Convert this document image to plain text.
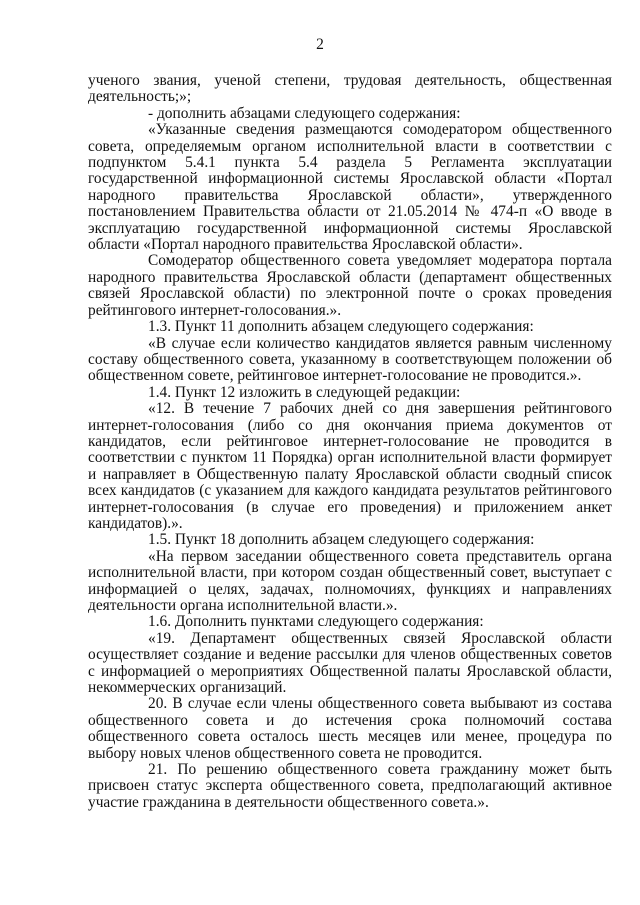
2

ученого звания, ученой степени, трудовая деятельность, общественная деятельность;»;

- дополнить абзацами следующего содержания:

«Указанные сведения размещаются сомодератором общественного совета, определяемым органом исполнительной власти в соответствии с подпунктом 5.4.1 пункта 5.4 раздела 5 Регламента эксплуатации государственной информационной системы Ярославской области «Портал народного правительства Ярославской области», утвержденного постановлением Правительства области от 21.05.2014 № 474-п «О вводе в эксплуатацию государственной информационной системы Ярославской области «Портал народного правительства Ярославской области».

Сомодератор общественного совета уведомляет модератора портала народного правительства Ярославской области (департамент общественных связей Ярославской области) по электронной почте о сроках проведения рейтингового интернет-голосования.».

1.3. Пункт 11 дополнить абзацем следующего содержания:

«В случае если количество кандидатов является равным численному составу общественного совета, указанному в соответствующем положении об общественном совете, рейтинговое интернет-голосование не проводится.».

1.4. Пункт 12 изложить в следующей редакции:

«12. В течение 7 рабочих дней со дня завершения рейтингового интернет-голосования (либо со дня окончания приема документов от кандидатов, если рейтинговое интернет-голосование не проводится в соответствии с пунктом 11 Порядка) орган исполнительной власти формирует и направляет в Общественную палату Ярославской области сводный список всех кандидатов (с указанием для каждого кандидата результатов рейтингового интернет-голосования (в случае его проведения) и приложением анкет кандидатов).».

1.5. Пункт 18 дополнить абзацем следующего содержания:

«На первом заседании общественного совета представитель органа исполнительной власти, при котором создан общественный совет, выступает с информацией о целях, задачах, полномочиях, функциях и направлениях деятельности органа исполнительной власти.».

1.6. Дополнить пунктами следующего содержания:

«19. Департамент общественных связей Ярославской области осуществляет создание и ведение рассылки для членов общественных советов с информацией о мероприятиях Общественной палаты Ярославской области, некоммерческих организаций.

20. В случае если члены общественного совета выбывают из состава общественного совета и до истечения срока полномочий состава общественного совета осталось шесть месяцев или менее, процедура по выбору новых членов общественного совета не проводится.

21. По решению общественного совета гражданину может быть присвоен статус эксперта общественного совета, предполагающий активное участие гражданина в деятельности общественного совета.».
